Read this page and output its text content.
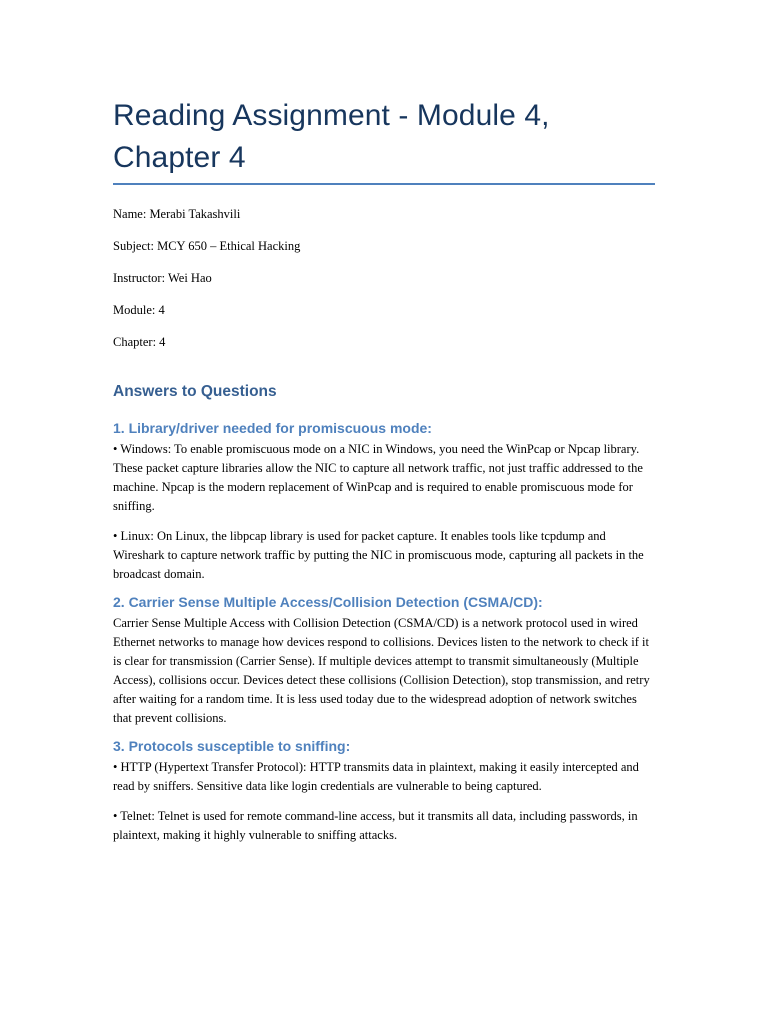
Reading Assignment - Module 4, Chapter 4

Name: Merabi Takashvili

Subject: MCY 650 – Ethical Hacking

Instructor: Wei Hao

Module: 4

Chapter: 4

Answers to Questions
1. Library/driver needed for promiscuous mode:

• Windows: To enable promiscuous mode on a NIC in Windows, you need the WinPcap or Npcap library. These packet capture libraries allow the NIC to capture all network traffic, not just traffic addressed to the machine. Npcap is the modern replacement of WinPcap and is required to enable promiscuous mode for sniffing.

• Linux: On Linux, the libpcap library is used for packet capture. It enables tools like tcpdump and Wireshark to capture network traffic by putting the NIC in promiscuous mode, capturing all packets in the broadcast domain.

2. Carrier Sense Multiple Access/Collision Detection (CSMA/CD):

Carrier Sense Multiple Access with Collision Detection (CSMA/CD) is a network protocol used in wired Ethernet networks to manage how devices respond to collisions. Devices listen to the network to check if it is clear for transmission (Carrier Sense). If multiple devices attempt to transmit simultaneously (Multiple Access), collisions occur. Devices detect these collisions (Collision Detection), stop transmission, and retry after waiting for a random time. It is less used today due to the widespread adoption of network switches that prevent collisions.

3. Protocols susceptible to sniffing:

• HTTP (Hypertext Transfer Protocol): HTTP transmits data in plaintext, making it easily intercepted and read by sniffers. Sensitive data like login credentials are vulnerable to being captured.

• Telnet: Telnet is used for remote command-line access, but it transmits all data, including passwords, in plaintext, making it highly vulnerable to sniffing attacks.
